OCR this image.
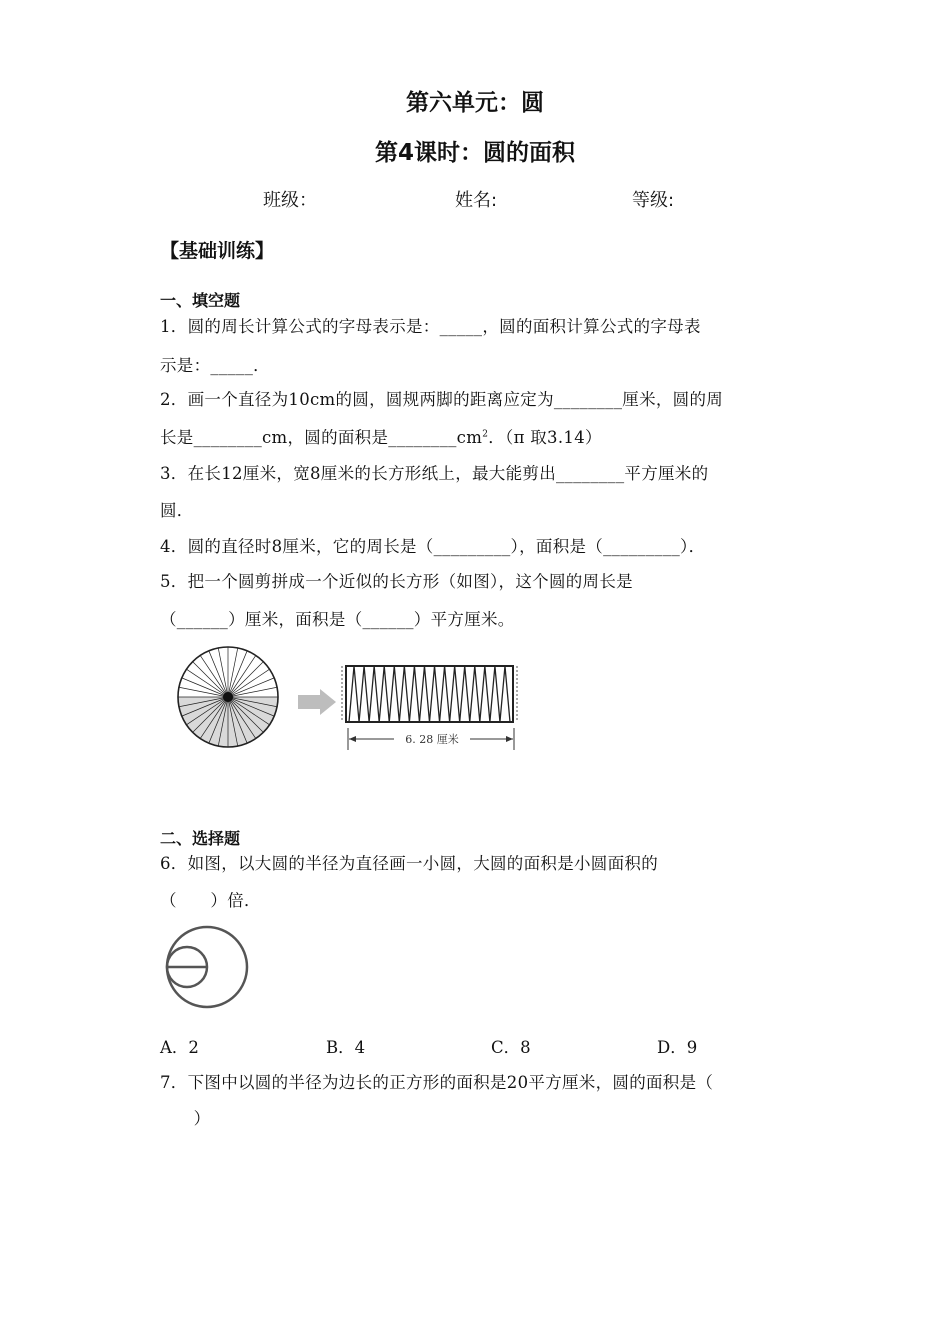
第六单元：圆
第4课时：圆的面积
班级：	姓名:	等级:
【基础训练】
一、填空题
1．圆的周长计算公式的字母表示是：_____，圆的面积计算公式的字母表
示是：_____．
2．画一个直径为10cm的圆，圆规两脚的距离应定为________厘米，圆的周
长是________cm，圆的面积是$\_\_\_\_\_\_\_\_cm^2$．（π 取3.14）
3．在长12厘米，宽8厘米的长方形纸上，最大能剪出________平方厘米的
圆．
4．圆的直径时8厘米，它的周长是（_________），面积是（_________）．
5．把一个圆剪拼成一个近似的长方形（如图），这个圆的周长是
（______）厘米，面积是（______）平方厘米。
6. 28 厘米
二、选择题
6．如图，以大圆的半径为直径画一小圆，大圆的面积是小圆面积的
（　　）倍．
A．2	B．4	C．8	D．9
7．下图中以圆的半径为边长的正方形的面积是20平方厘米，圆的面积是（
　　）
